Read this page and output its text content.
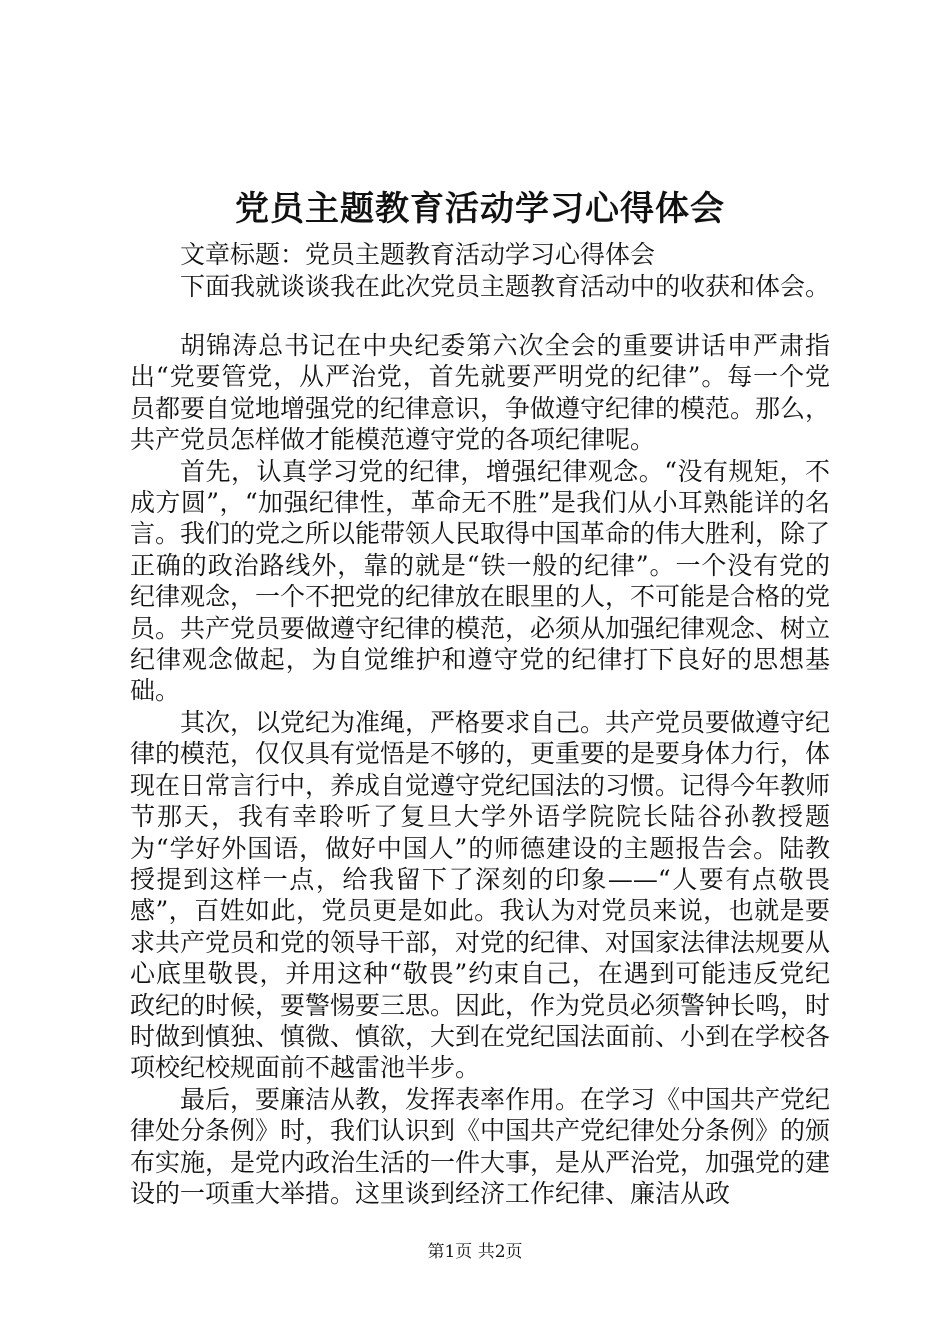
党员主题教育活动学习心得体会
文章标题：党员主题教育活动学习心得体会
下面我就谈谈我在此次党员主题教育活动中的收获和体会。

胡锦涛总书记在中央纪委第六次全会的重要讲话申严肃指出“党要管党，从严治党，首先就要严明党的纪律”。每一个党员都要自觉地增强党的纪律意识，争做遵守纪律的模范。那么，共产党员怎样做才能模范遵守党的各项纪律呢。

首先，认真学习党的纪律，增强纪律观念。“没有规矩，不成方圆”，“加强纪律性，革命无不胜”是我们从小耳熟能详的名言。我们的党之所以能带领人民取得中国革命的伟大胜利，除了正确的政治路线外，靠的就是“铁一般的纪律”。一个没有党的纪律观念，一个不把党的纪律放在眼里的人，不可能是合格的党员。共产党员要做遵守纪律的模范，必须从加强纪律观念、树立纪律观念做起，为自觉维护和遵守党的纪律打下良好的思想基础。

其次，以党纪为准绳，严格要求自己。共产党员要做遵守纪律的模范，仅仅具有觉悟是不够的，更重要的是要身体力行，体现在日常言行中，养成自觉遵守党纪国法的习惯。记得今年教师节那天，我有幸聆听了复旦大学外语学院院长陆谷孙教授题为“学好外国语，做好中国人”的师德建设的主题报告会。陆教授提到这样一点，给我留下了深刻的印象——“人要有点敬畏感”，百姓如此，党员更是如此。我认为对党员来说，也就是要求共产党员和党的领导干部，对党的纪律、对国家法律法规要从心底里敬畏，并用这种“敬畏”约束自己，在遇到可能违反党纪政纪的时候，要警惕要三思。因此，作为党员必须警钟长鸣，时时做到慎独、慎微、慎欲，大到在党纪国法面前、小到在学校各项校纪校规面前不越雷池半步。

最后，要廉洁从教，发挥表率作用。在学习《中国共产党纪律处分条例》时，我们认识到《中国共产党纪律处分条例》的颁布实施，是党内政治生活的一件大事，是从严治党，加强党的建设的一项重大举措。这里谈到经济工作纪律、廉洁从政

第1页 共2页
